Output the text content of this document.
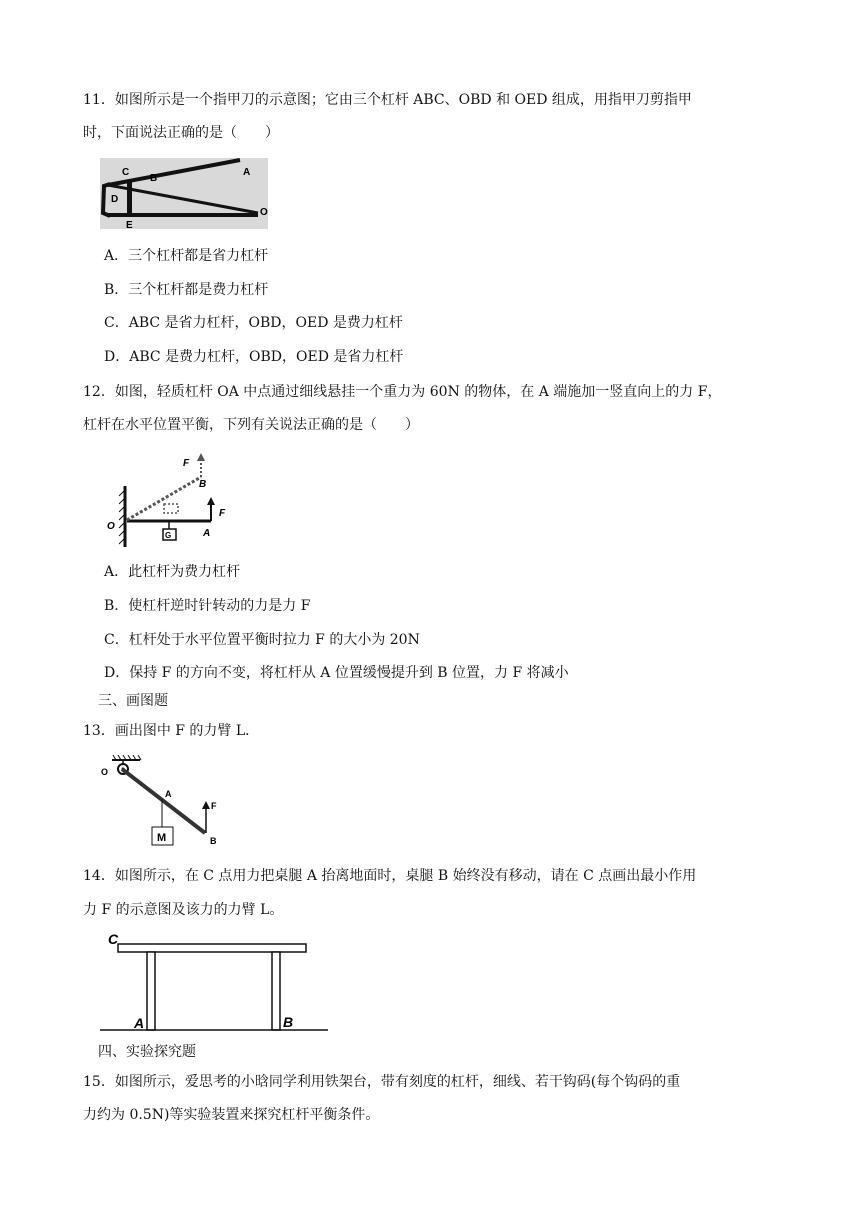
11．如图所示是一个指甲刀的示意图；它由三个杠杆 ABC、OBD 和 OED 组成，用指甲刀剪指甲
时，下面说法正确的是（　　）
C
B
A
D
O
E
A．三个杠杆都是省力杠杆
B．三个杠杆都是费力杠杆
C．ABC 是省力杠杆，OBD，OED 是费力杠杆
D．ABC 是费力杠杆，OBD，OED 是省力杠杆
12．如图，轻质杠杆 OA 中点通过细线悬挂一个重力为 60N 的物体，在 A 端施加一竖直向上的力 F，
杠杆在水平位置平衡，下列有关说法正确的是（　　）
G
F
B
O
F
A
A．此杠杆为费力杠杆
B．使杠杆逆时针转动的力是力 F
C．杠杆处于水平位置平衡时拉力 F 的大小为 20N
D．保持 F 的方向不变，将杠杆从 A 位置缓慢提升到 B 位置，力 F 将减小
三、画图题
13．画出图中 F 的力臂 L．
M
O
A
F
B
14．如图所示，在 C 点用力把桌腿 A 抬离地面时，桌腿 B 始终没有移动，请在 C 点画出最小作用
力 F 的示意图及该力的力臂 L。
C
A	B
四、实验探究题
15．如图所示，爱思考的小晗同学利用铁架台，带有刻度的杠杆，细线、若干钩码(每个钩码的重
力约为 0.5N)等实验装置来探究杠杆平衡条件。
